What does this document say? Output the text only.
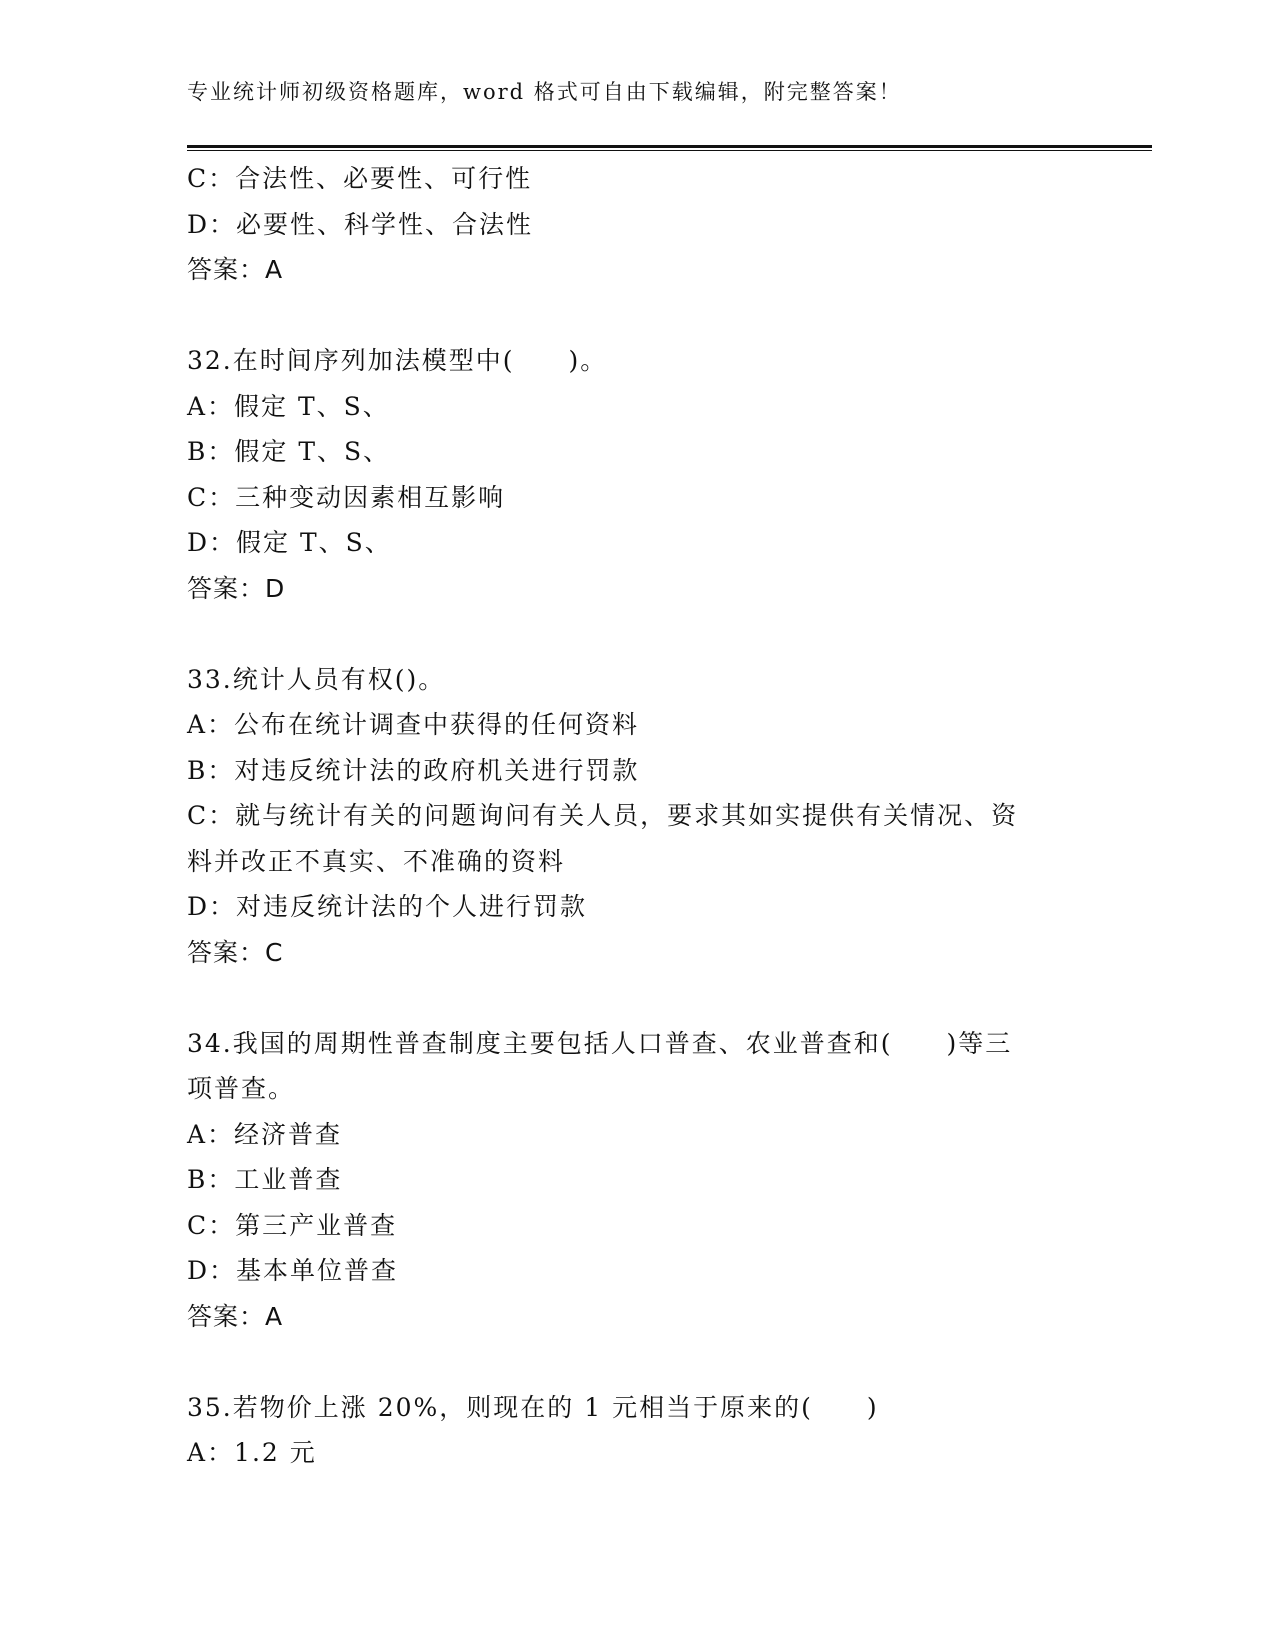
专业统计师初级资格题库，word 格式可自由下载编辑，附完整答案！
C：合法性、必要性、可行性
D：必要性、科学性、合法性
答案：A
32.在时间序列加法模型中(　　)。
A：假定 T、S、
B：假定 T、S、
C：三种变动因素相互影响
D：假定 T、S、
答案：D
33.统计人员有权()。
A：公布在统计调查中获得的任何资料
B：对违反统计法的政府机关进行罚款
C：就与统计有关的问题询问有关人员，要求其如实提供有关情况、资
料并改正不真实、不准确的资料
D：对违反统计法的个人进行罚款
答案：C
34.我国的周期性普查制度主要包括人口普查、农业普查和(　　)等三
项普查。
A：经济普查
B：工业普查
C：第三产业普查
D：基本单位普查
答案：A
35.若物价上涨 20%，则现在的 1 元相当于原来的(　　)
A：1.2 元
